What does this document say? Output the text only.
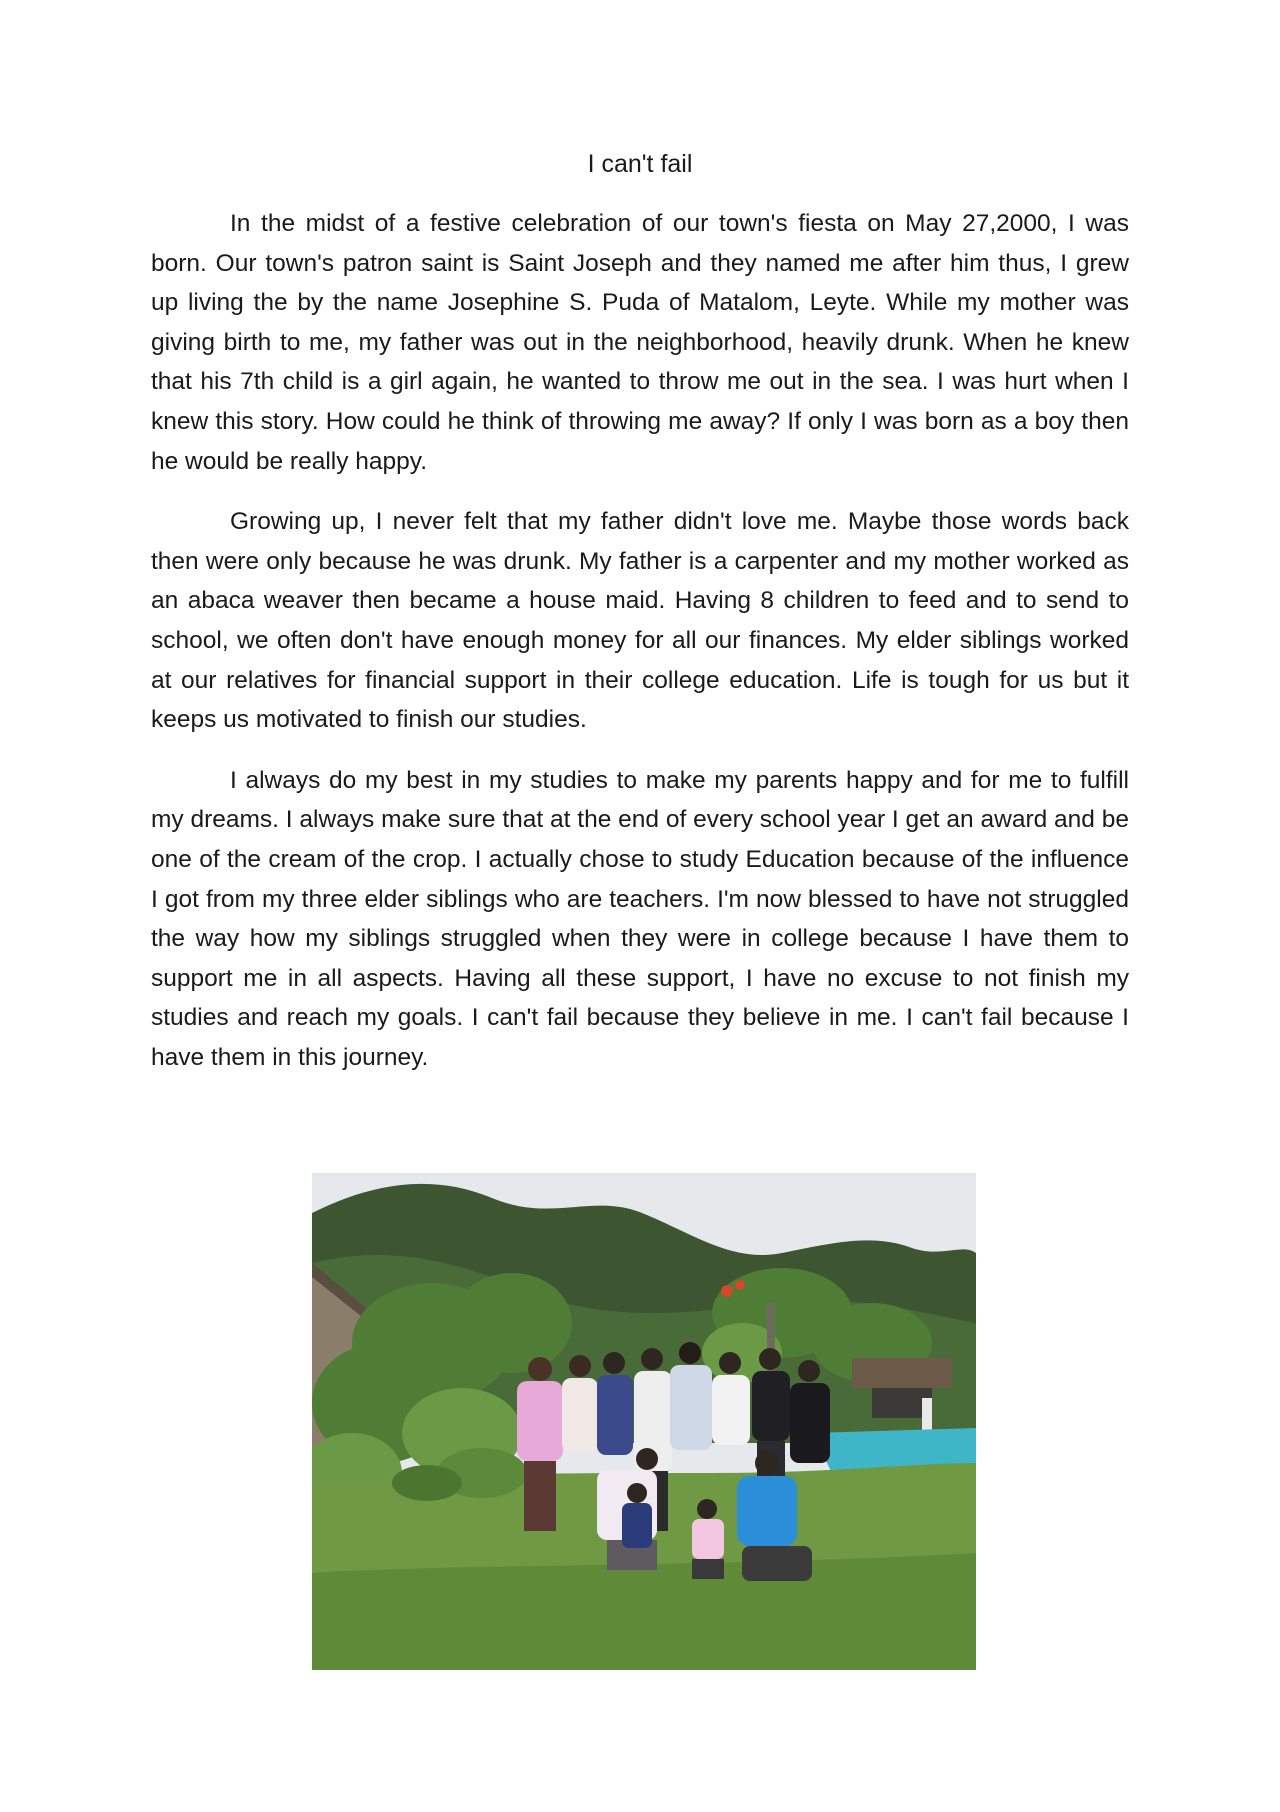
I can't fail

In the midst of a festive celebration of our town's fiesta on May 27,2000, I was born. Our town's patron saint is Saint Joseph and they named me after him thus, I grew up living the by the name Josephine S. Puda of Matalom, Leyte. While my mother was giving birth to me, my father was out in the neighborhood, heavily drunk. When he knew that his 7th child is a girl again, he wanted to throw me out in the sea. I was hurt when I knew this story. How could he think of throwing me away? If only I was born as a boy then he would be really happy.

Growing up, I never felt that my father didn't love me. Maybe those words back then were only because he was drunk. My father is a carpenter and my mother worked as an abaca weaver then became a house maid. Having 8 children to feed and to send to school, we often don't have enough money for all our finances. My elder siblings worked at our relatives for financial support in their college education. Life is tough for us but it keeps us motivated to finish our studies.

I always do my best in my studies to make my parents happy and for me to fulfill my dreams. I always make sure that at the end of every school year I get an award and be one of the cream of the crop. I actually chose to study Education because of the influence I got from my three elder siblings who are teachers. I'm now blessed to have not struggled the way how my siblings struggled when they were in college because I have them to support me in all aspects. Having all these support, I have no excuse to not finish my studies and reach my goals. I can't fail because they believe in me. I can't fail because I have them in this journey.
